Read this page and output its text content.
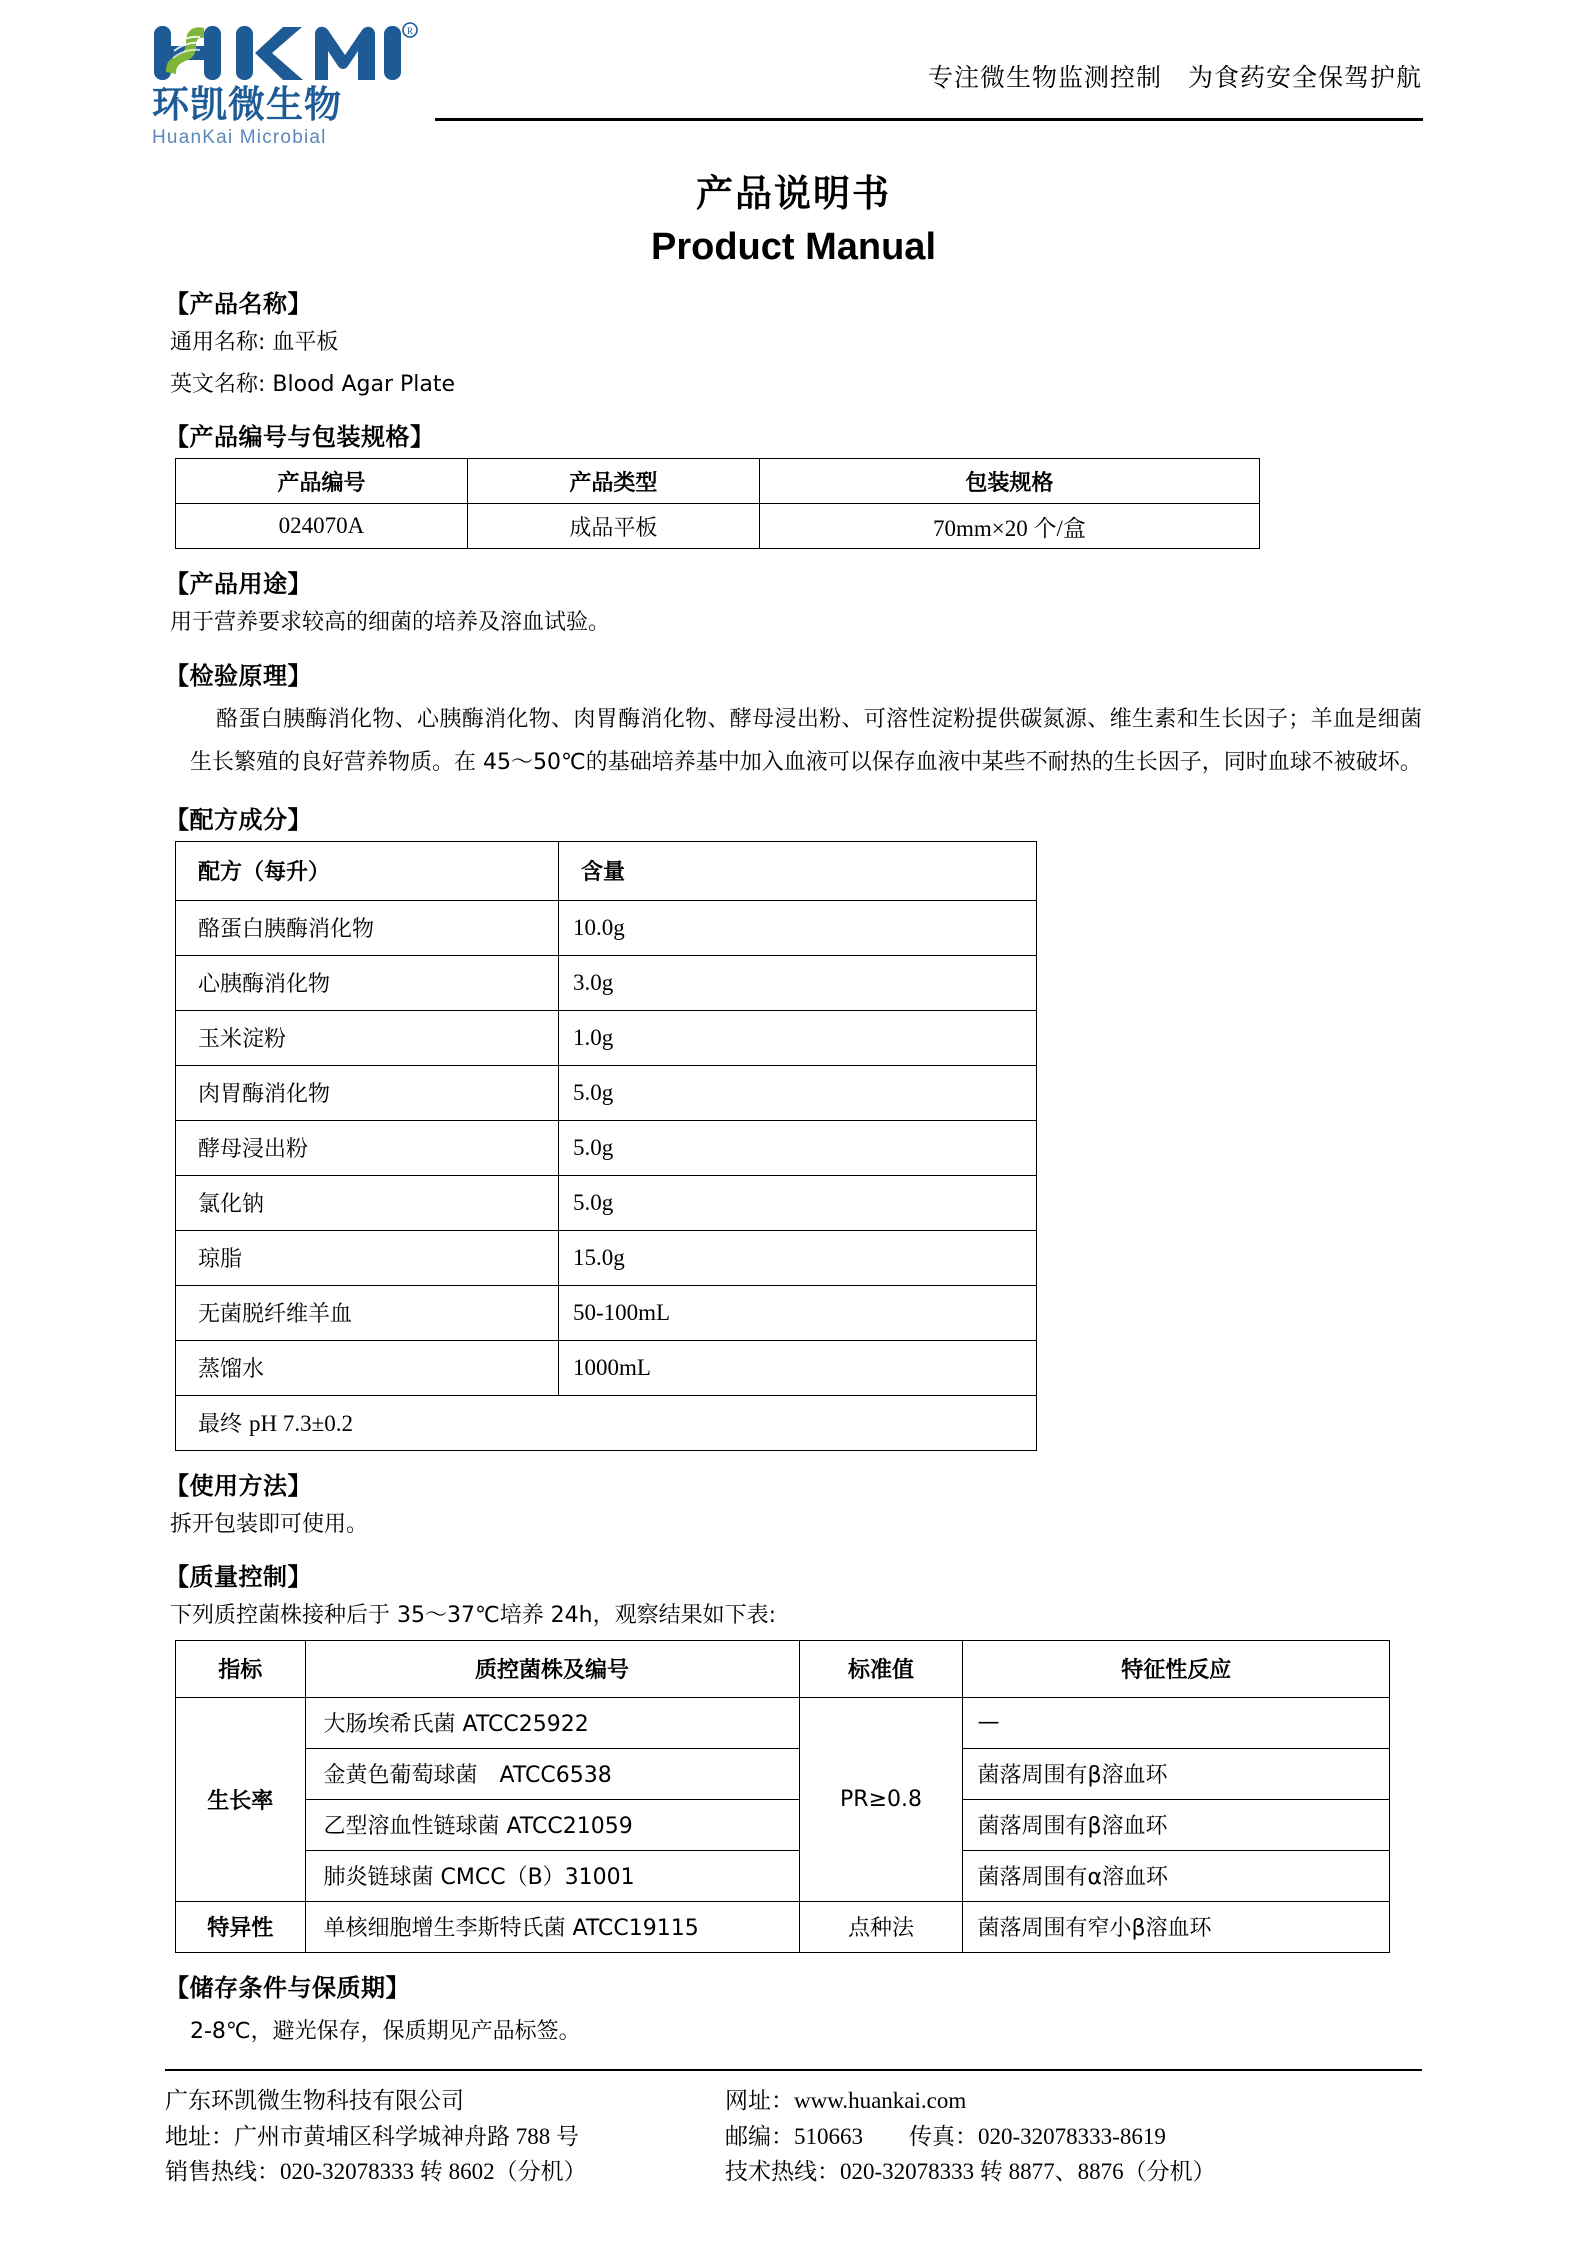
R
环凯微生物
HuanKai Microbial
专注微生物监测控制　为食药安全保驾护航
产品说明书
Product Manual
【产品名称】
通用名称: 血平板
英文名称: Blood Agar Plate
【产品编号与包装规格】
产品编号	产品类型	包装规格
024070A	成品平板	70mm×20 个/盒
【产品用途】
用于营养要求较高的细菌的培养及溶血试验。
【检验原理】
酪蛋白胰酶消化物、心胰酶消化物、肉胃酶消化物、酵母浸出粉、可溶性淀粉提供碳氮源、维生素和生长因子；羊血是细菌生长繁殖的良好营养物质。在 45～50℃的基础培养基中加入血液可以保存血液中某些不耐热的生长因子，同时血球不被破坏。
【配方成分】
配方（每升）	含量
酪蛋白胰酶消化物	10.0g
心胰酶消化物	3.0g
玉米淀粉	1.0g
肉胃酶消化物	5.0g
酵母浸出粉	5.0g
氯化钠	5.0g
琼脂	15.0g
无菌脱纤维羊血	50-100mL
蒸馏水	1000mL
最终 pH 7.3±0.2	
【使用方法】
拆开包装即可使用。
【质量控制】
下列质控菌株接种后于 35～37℃培养 24h，观察结果如下表:
指标	质控菌株及编号	标准值	特征性反应
生长率	大肠埃希氏菌 ATCC25922	PR≥0.8	—
	金黄色葡萄球菌　ATCC6538		菌落周围有β溶血环
	乙型溶血性链球菌 ATCC21059		菌落周围有β溶血环
	肺炎链球菌 CMCC（B）31001		菌落周围有α溶血环
特异性	单核细胞增生李斯特氏菌 ATCC19115	点种法	菌落周围有窄小β溶血环
【储存条件与保质期】
2-8℃，避光保存，保质期见产品标签。
广东环凯微生物科技有限公司
地址：广州市黄埔区科学城神舟路 788 号
销售热线：020-32078333 转 8602（分机）
网址：www.huankai.com
邮编：510663　　传真：020-32078333-8619
技术热线：020-32078333 转 8877、8876（分机）
